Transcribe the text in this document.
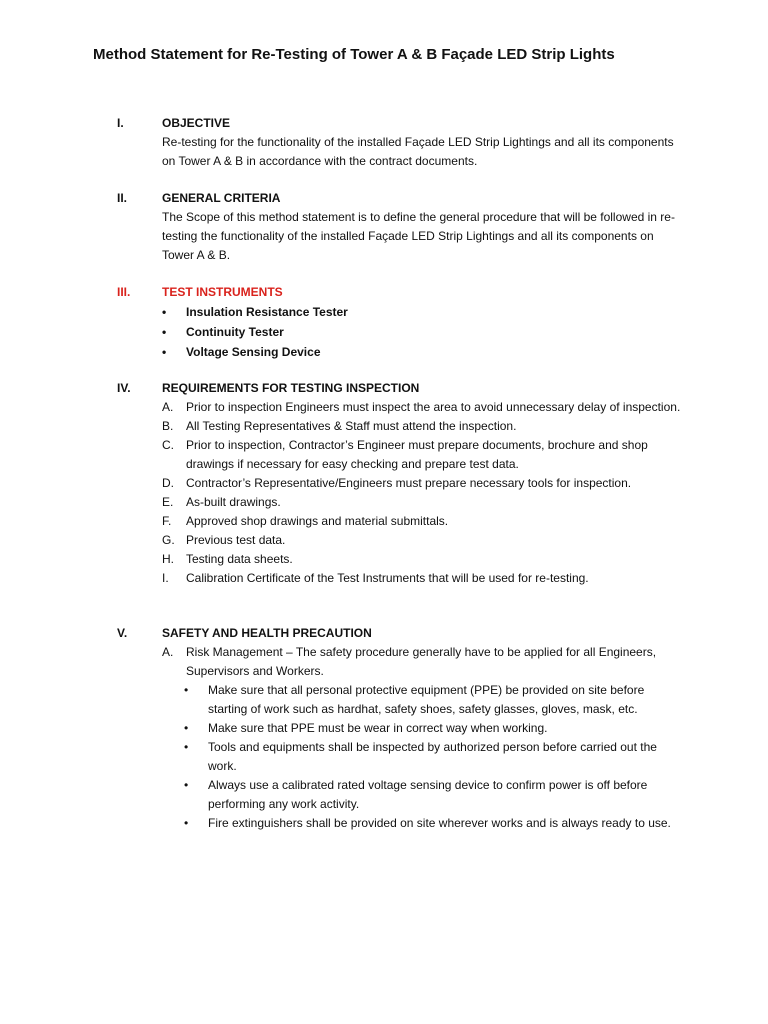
Method Statement for Re-Testing of Tower A & B Façade LED Strip Lights
I.	OBJECTIVE
Re-testing for the functionality of the installed Façade LED Strip Lightings and all its components on Tower A & B in accordance with the contract documents.
II.	GENERAL CRITERIA
The Scope of this method statement is to define the general procedure that will be followed in re-testing the functionality of the installed Façade LED Strip Lightings and all its components on Tower A & B.
III.	TEST INSTRUMENTS
•	Insulation Resistance Tester
•	Continuity Tester
•	Voltage Sensing Device
IV.	REQUIREMENTS FOR TESTING INSPECTION
A.	Prior to inspection Engineers must inspect the area to avoid unnecessary delay of inspection.
B.	All Testing Representatives & Staff must attend the inspection.
C.	Prior to inspection, Contractor’s Engineer must prepare documents, brochure and shop drawings if necessary for easy checking and prepare test data.
D.	Contractor’s Representative/Engineers must prepare necessary tools for inspection.
E.	As-built drawings.
F.	Approved shop drawings and material submittals.
G. Previous test data.
H.	Testing data sheets.
I.	Calibration Certificate of the Test Instruments that will be used for re-testing.
V.	SAFETY AND HEALTH PRECAUTION
A.	Risk Management – The safety procedure generally have to be applied for all Engineers, Supervisors and Workers.
•	Make sure that all personal protective equipment (PPE) be provided on site before starting of work such as hardhat, safety shoes, safety glasses, gloves, mask, etc.
•	Make sure that PPE must be wear in correct way when working.
•	Tools and equipments shall be inspected by authorized person before carried out the work.
•	Always use a calibrated rated voltage sensing device to confirm power is off before performing any work activity.
•	Fire extinguishers shall be provided on site wherever works and is always ready to use.
